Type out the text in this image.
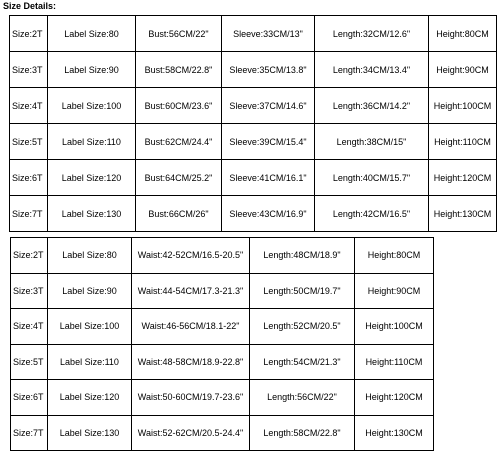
Size Details:
Size:2T	Label Size:80	Bust:56CM/22"	Sleeve:33CM/13"	Length:32CM/12.6"	Height:80CM
Size:3T	Label Size:90	Bust:58CM/22.8"	Sleeve:35CM/13.8"	Length:34CM/13.4"	Height:90CM
Size:4T	Label Size:100	Bust:60CM/23.6"	Sleeve:37CM/14.6"	Length:36CM/14.2"	Height:100CM
Size:5T	Label Size:110	Bust:62CM/24.4"	Sleeve:39CM/15.4"	Length:38CM/15"	Height:110CM
Size:6T	Label Size:120	Bust:64CM/25.2"	Sleeve:41CM/16.1"	Length:40CM/15.7"	Height:120CM
Size:7T	Label Size:130	Bust:66CM/26"	Sleeve:43CM/16.9"	Length:42CM/16.5"	Height:130CM
Size:2T	Label Size:80	Waist:42-52CM/16.5-20.5"	Length:48CM/18.9"	Height:80CM
Size:3T	Label Size:90	Waist:44-54CM/17.3-21.3"	Length:50CM/19.7"	Height:90CM
Size:4T	Label Size:100	Waist:46-56CM/18.1-22"	Length:52CM/20.5"	Height:100CM
Size:5T	Label Size:110	Waist:48-58CM/18.9-22.8"	Length:54CM/21.3"	Height:110CM
Size:6T	Label Size:120	Waist:50-60CM/19.7-23.6"	Length:56CM/22"	Height:120CM
Size:7T	Label Size:130	Waist:52-62CM/20.5-24.4"	Length:58CM/22.8"	Height:130CM
